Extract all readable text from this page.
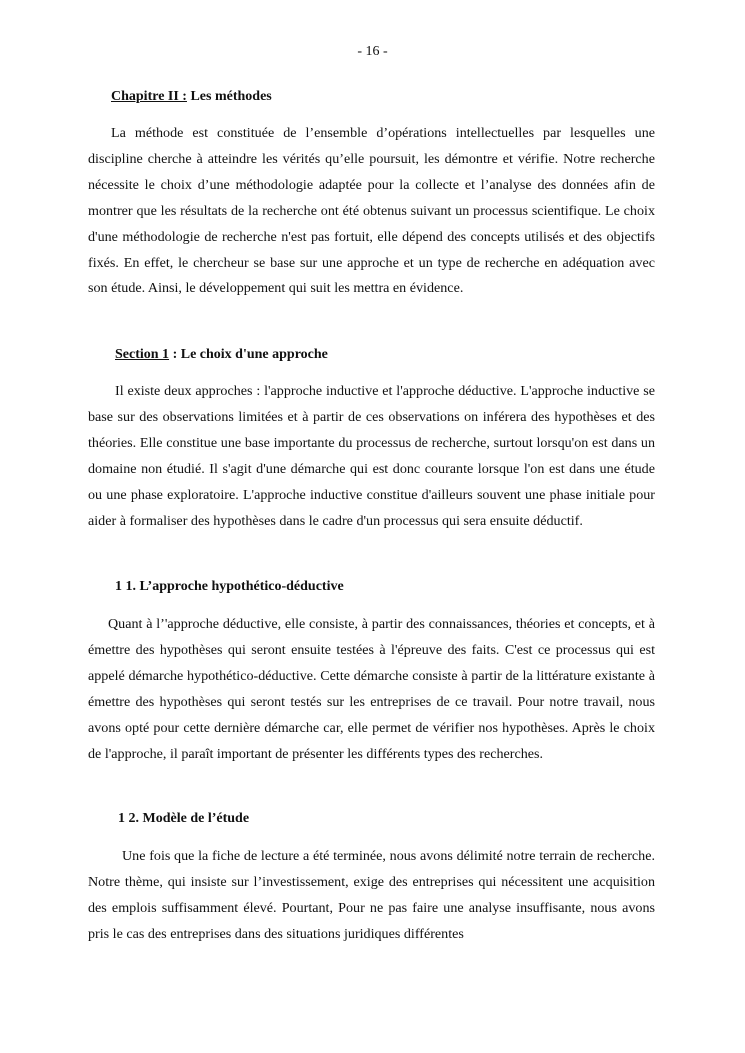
- 16 -
Chapitre II : Les méthodes

La méthode est constituée de l’ensemble d’opérations intellectuelles par lesquelles une discipline cherche à atteindre les vérités qu’elle poursuit, les démontre et vérifie. Notre recherche nécessite le choix d’une méthodologie adaptée pour la collecte et l’analyse des données afin de montrer que les résultats de la recherche ont été obtenus suivant un processus scientifique. Le choix d'une méthodologie de recherche n'est pas fortuit, elle dépend des concepts utilisés et des objectifs fixés. En effet, le chercheur se base sur une approche et un type de recherche en adéquation avec son étude. Ainsi, le développement qui suit les mettra en évidence.

Section 1 : Le choix d'une approche

Il existe deux approches : l'approche inductive et l'approche déductive. L'approche inductive se base sur des observations limitées et à partir de ces observations on inférera des hypothèses et des théories. Elle constitue une base importante du processus de recherche, surtout lorsqu'on est dans un domaine non étudié. Il s'agit d'une démarche qui est donc courante lorsque l'on est dans une étude ou une phase exploratoire. L'approche inductive constitue d'ailleurs souvent une phase initiale pour aider à formaliser des hypothèses dans le cadre d'un processus qui sera ensuite déductif.

1 1. L’approche hypothético-déductive

Quant à l’'approche déductive, elle consiste, à partir des connaissances, théories et concepts, et à émettre des hypothèses qui seront ensuite testées à l'épreuve des faits. C'est ce processus qui est appelé démarche hypothético-déductive. Cette démarche consiste à partir de la littérature existante à émettre des hypothèses qui seront testés sur les entreprises de ce travail. Pour notre travail, nous avons opté pour cette dernière démarche car, elle permet de vérifier nos hypothèses. Après le choix de l'approche, il paraît important de présenter les différents types des recherches.

1 2. Modèle de l’étude

Une fois que la fiche de lecture a été terminée, nous avons délimité notre terrain de recherche. Notre thème, qui insiste sur l’investissement, exige des entreprises qui nécessitent une acquisition des emplois suffisamment élevé. Pourtant, Pour ne pas faire une analyse insuffisante, nous avons pris le cas des entreprises dans des situations juridiques différentes
